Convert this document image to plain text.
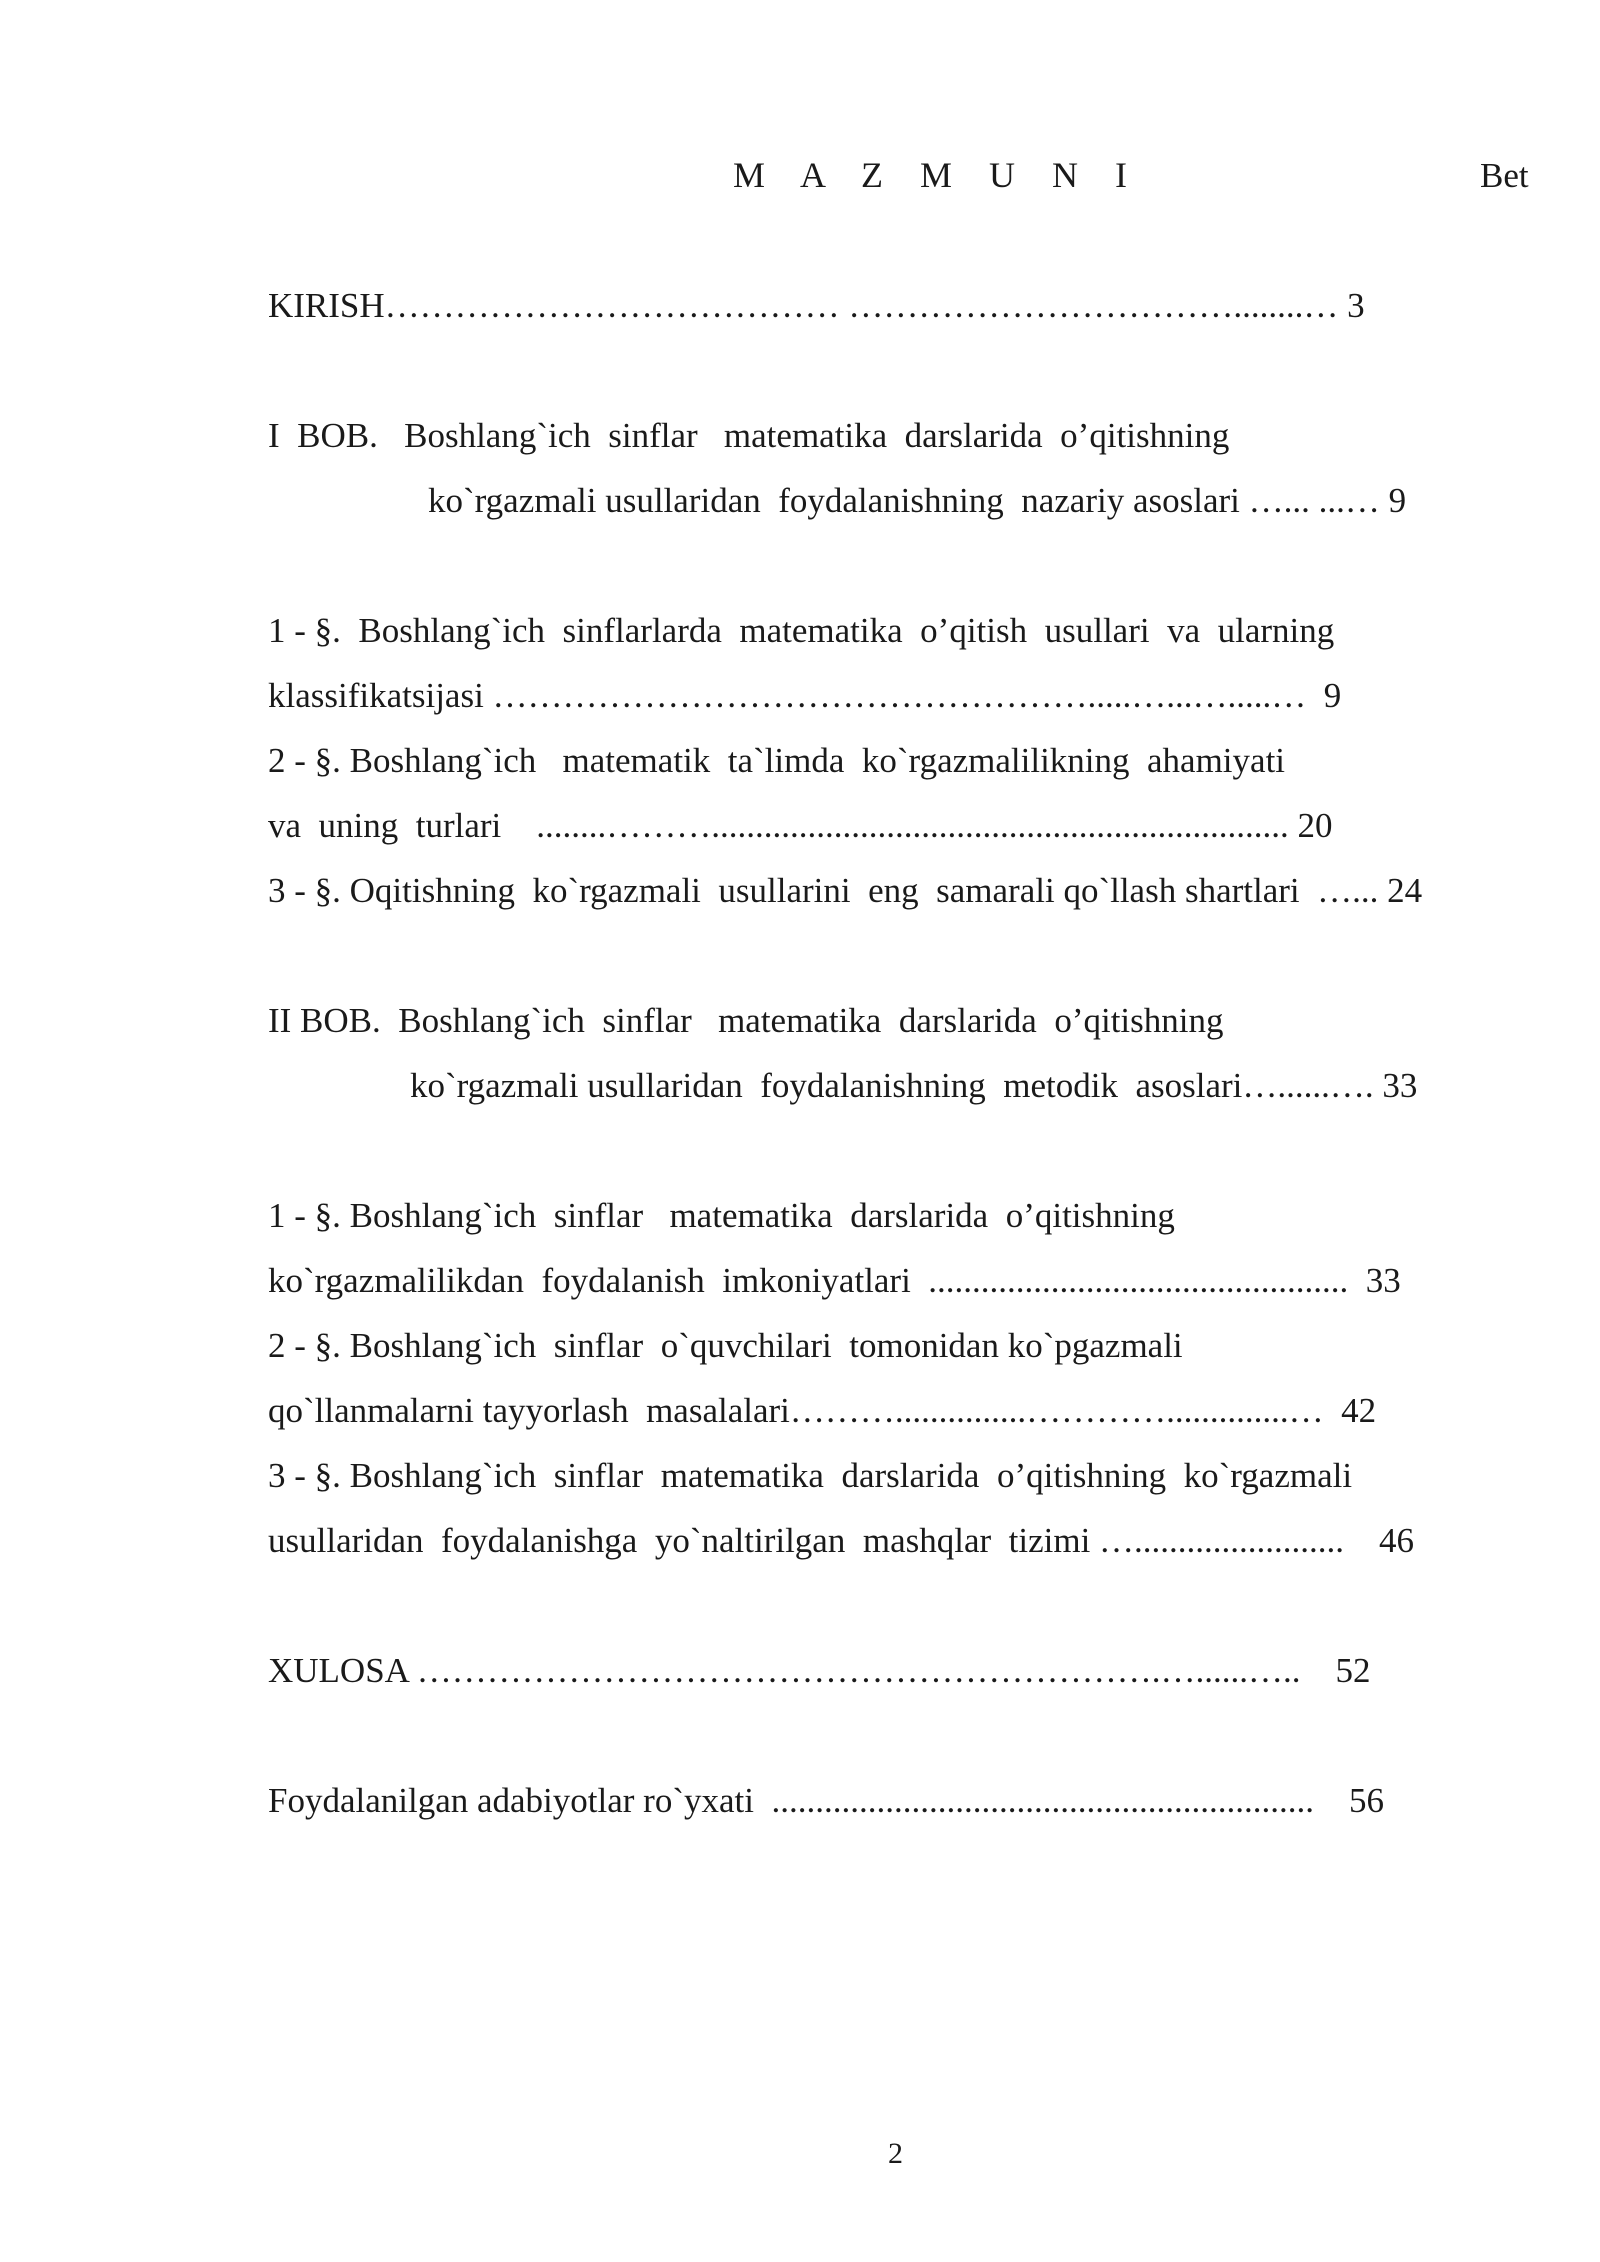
M A Z M U N I	Bet
KIRISH………………………………… ……………………………........… 3
I  BOB.   Boshlang`ich  sinflar   matematika  darslarida  o’qitishning
ko`rgazmali usullaridan  foydalanishning  nazariy asoslari …... ...… 9
1 - §.  Boshlang`ich  sinflarlarda  matematika  o’qitish  usullari  va  ularning
klassifikatsijasi …………………………………………….....…...….....…  9
2 - §. Boshlang`ich   matematik  ta`limda  ko`rgazmalilikning  ahamiyati
va  uning  turlari    ........……….................................................................. 20
3 - §. Oqitishning  ko`rgazmali  usullarini  eng  samarali qo`llash shartlari  …... 24
II BOB.  Boshlang`ich  sinflar   matematika  darslarida  o’qitishning
ko`rgazmali usullaridan  foydalanishning  metodik  asoslari…......…. 33
1 - §. Boshlang`ich  sinflar   matematika  darslarida  o’qitishning
ko`rgazmalilikdan  foydalanish  imkoniyatlari  ................................................  33
2 - §. Boshlang`ich  sinflar  o`quvchilari  tomonidan ko`pgazmali
qo`llanmalarni tayyorlash  masalalari………...............…………..............…  42
3 - §. Boshlang`ich  sinflar  matematika  darslarida  o’qitishning  ko`rgazmali
usullaridan  foydalanishga  yo`naltirilgan  mashqlar  tizimi …........................    46
XULOSA ……………………………………………………….…......…..    52
Foydalanilgan adabiyotlar ro`yxati  ..............................................................    56
2
